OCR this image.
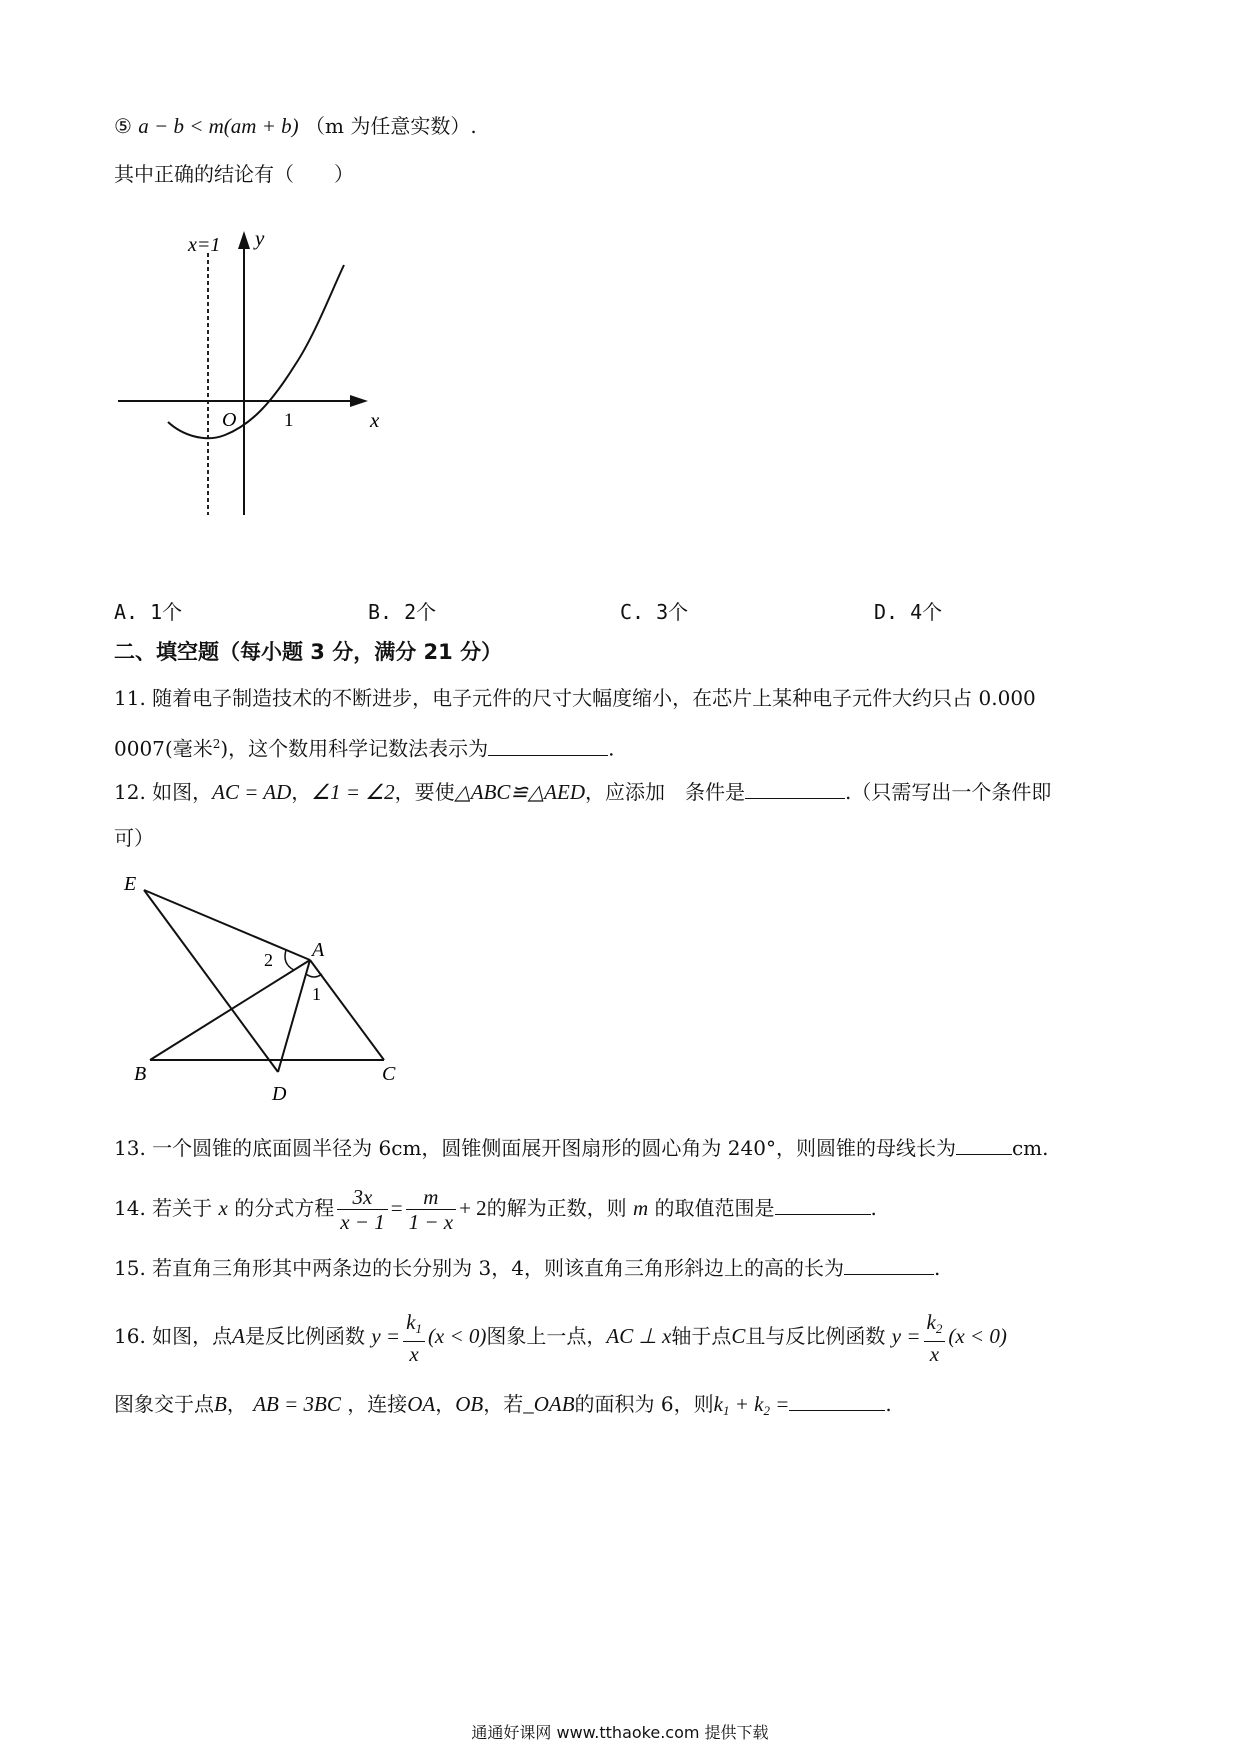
⑤ a − b < m(am + b) （m 为任意实数）.
其中正确的结论有（　　）
x=1 y
x
O	1
A. 1个	B. 2个	C. 3个	D. 4个
二、填空题（每小题 3 分，满分 21 分）
11. 随着电子制造技术的不断进步，电子元件的尺寸大幅度缩小，在芯片上某种电子元件大约只占 0.000
0007(毫米$^2$)，这个数用科学记数法表示为	.
12. 如图，AC = AD，∠1 = ∠2，要使△ABC≌△AED，应添加　条件是	.（只需写出一个条件即
可）
E
A
2
1
B	C
D
13. 一个圆锥的底面圆半径为 6cm，圆锥侧面展开图扇形的圆心角为 240°，则圆锥的母线长为	cm.
14. 若关于 x 的分式方程 $\frac{3x}{x - 1} = \frac{m}{1 - x} + 2$的解为正数，则 m 的取值范围是	.
15. 若直角三角形其中两条边的长分别为 3，4，则该直角三角形斜边上的高的长为	.
16. 如图，点A是反比例函数 $y = \frac{k_1}{x} (x < 0)$图象上一点，AC ⊥ x轴于点C且与反比例函数 $y = \frac{k_2}{x} (x < 0)$
图象交于点B， AB = 3BC ，连接OA，OB，若_OAB的面积为 6，则$k_1 + k_2$ =	.
通通好课网 www.tthaoke.com 提供下载
